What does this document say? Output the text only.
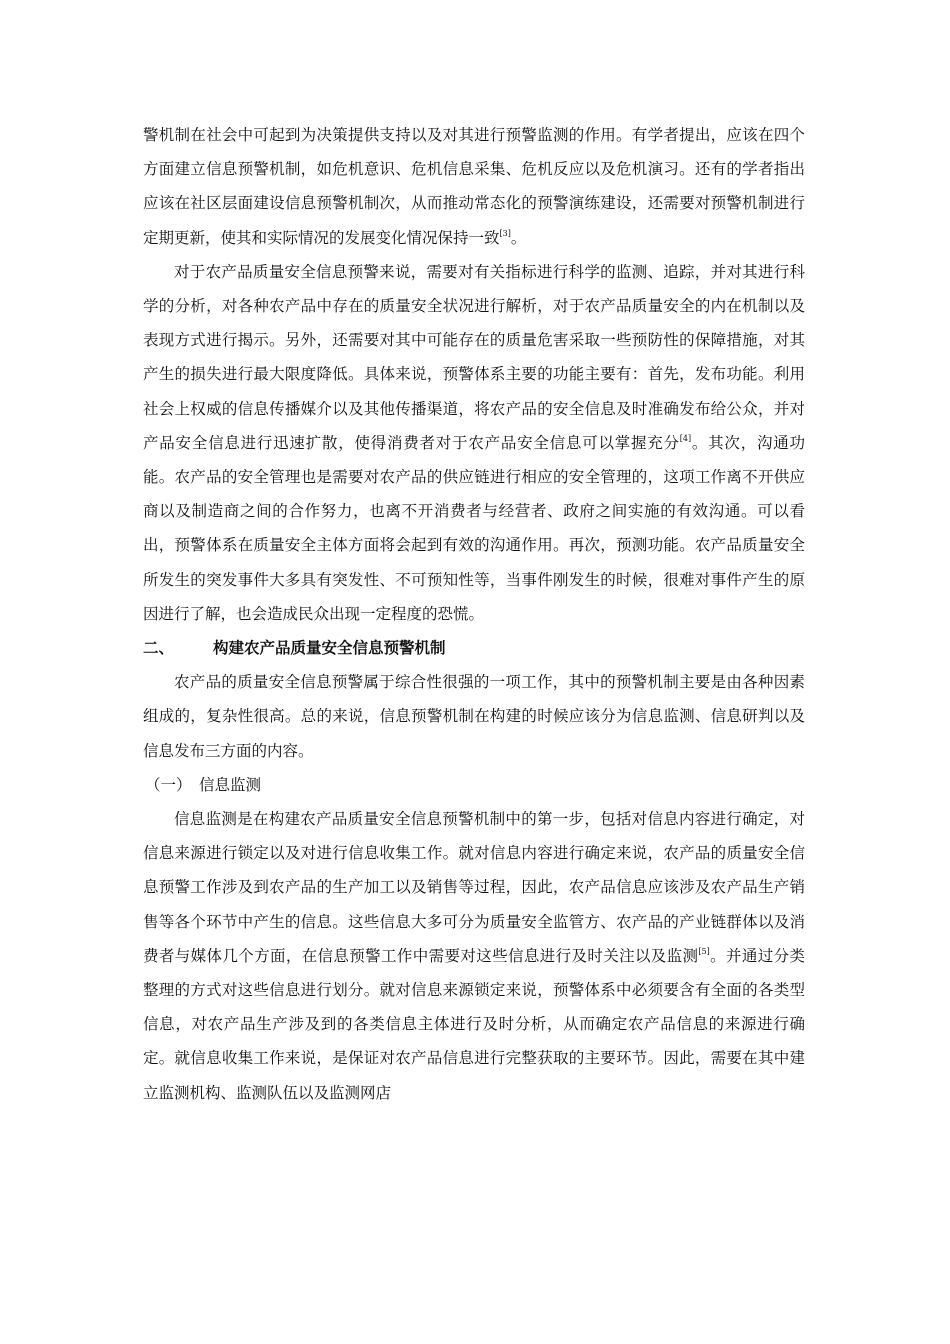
警机制在社会中可起到为决策提供支持以及对其进行预警监测的作用。有学者提出，应该在四个方面建立信息预警机制，如危机意识、危机信息采集、危机反应以及危机演习。还有的学者指出应该在社区层面建设信息预警机制次，从而推动常态化的预警演练建设，还需要对预警机制进行定期更新，使其和实际情况的发展变化情况保持一致[3]。

对于农产品质量安全信息预警来说，需要对有关指标进行科学的监测、追踪，并对其进行科学的分析，对各种农产品中存在的质量安全状况进行解析，对于农产品质量安全的内在机制以及表现方式进行揭示。另外，还需要对其中可能存在的质量危害采取一些预防性的保障措施，对其产生的损失进行最大限度降低。具体来说，预警体系主要的功能主要有：首先，发布功能。利用社会上权威的信息传播媒介以及其他传播渠道，将农产品的安全信息及时准确发布给公众，并对产品安全信息进行迅速扩散，使得消费者对于农产品安全信息可以掌握充分[4]。其次，沟通功能。农产品的安全管理也是需要对农产品的供应链进行相应的安全管理的，这项工作离不开供应商以及制造商之间的合作努力，也离不开消费者与经营者、政府之间实施的有效沟通。可以看出，预警体系在质量安全主体方面将会起到有效的沟通作用。再次，预测功能。农产品质量安全所发生的突发事件大多具有突发性、不可预知性等，当事件刚发生的时候，很难对事件产生的原因进行了解，也会造成民众出现一定程度的恐慌。

二、	构建农产品质量安全信息预警机制

农产品的质量安全信息预警属于综合性很强的一项工作，其中的预警机制主要是由各种因素组成的，复杂性很高。总的来说，信息预警机制在构建的时候应该分为信息监测、信息研判以及信息发布三方面的内容。

（一） 信息监测

信息监测是在构建农产品质量安全信息预警机制中的第一步，包括对信息内容进行确定，对信息来源进行锁定以及对进行信息收集工作。就对信息内容进行确定来说，农产品的质量安全信息预警工作涉及到农产品的生产加工以及销售等过程，因此，农产品信息应该涉及农产品生产销售等各个环节中产生的信息。这些信息大多可分为质量安全监管方、农产品的产业链群体以及消费者与媒体几个方面，在信息预警工作中需要对这些信息进行及时关注以及监测[5]。并通过分类整理的方式对这些信息进行划分。就对信息来源锁定来说，预警体系中必须要含有全面的各类型信息，对农产品生产涉及到的各类信息主体进行及时分析，从而确定农产品信息的来源进行确定。就信息收集工作来说，是保证对农产品信息进行完整获取的主要环节。因此，需要在其中建立监测机构、监测队伍以及监测网店
